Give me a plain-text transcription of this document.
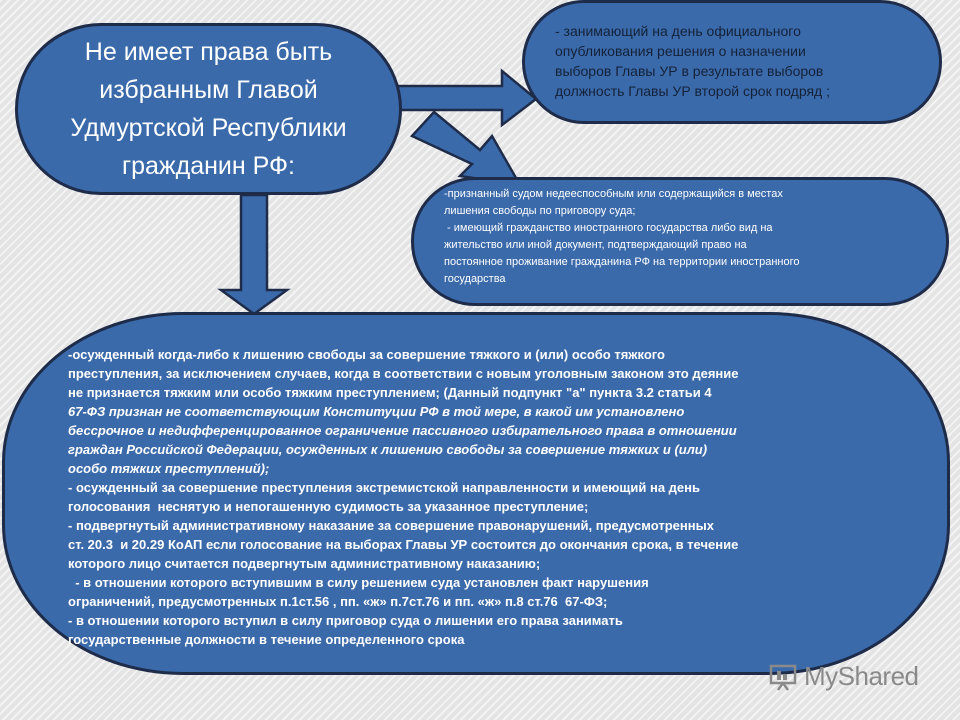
Не имеет права быть
избранным Главой
Удмуртской Республики
гражданин РФ:
- занимающий на день официального
опубликования решения о назначении
выборов Главы УР в результате выборов
должность Главы УР второй срок подряд ;
-признанный судом недееспособным или содержащийся в местах
лишения свободы по приговору суда;
- имеющий гражданство иностранного государства либо вид на
жительство или иной документ, подтверждающий право на
постоянное проживание гражданина РФ на территории иностранного
государства
-осужденный когда-либо к лишению свободы за совершение тяжкого и (или) особо тяжкого
преступления, за исключением случаев, когда в соответствии с новым уголовным законом это деяние
не признается тяжким или особо тяжким преступлением; (Данный подпункт "а" пункта 3.2 статьи 4
67-ФЗ признан не соответствующим Конституции РФ в той мере, в какой им установлено
бессрочное и недифференцированное ограничение пассивного избирательного права в отношении
граждан Российской Федерации, осужденных к лишению свободы за совершение тяжких и (или)
особо тяжких преступлений);
- осужденный за совершение преступления экстремистской направленности и имеющий на день
голосования  неснятую и непогашенную судимость за указанное преступление;
- подвергнутый административному наказание за совершение правонарушений, предусмотренных
ст. 20.3  и 20.29 КоАП если голосование на выборах Главы УР состоится до окончания срока, в течение
которого лицо считается подвергнутым административному наказанию;
- в отношении которого вступившим в силу решением суда установлен факт нарушения
ограничений, предусмотренных п.1ст.56 , пп. «ж» п.7ст.76 и пп. «ж» п.8 ст.76  67-ФЗ;
- в отношении которого вступил в силу приговор суда о лишении его права занимать
государственные должности в течение определенного срока
MyShared
